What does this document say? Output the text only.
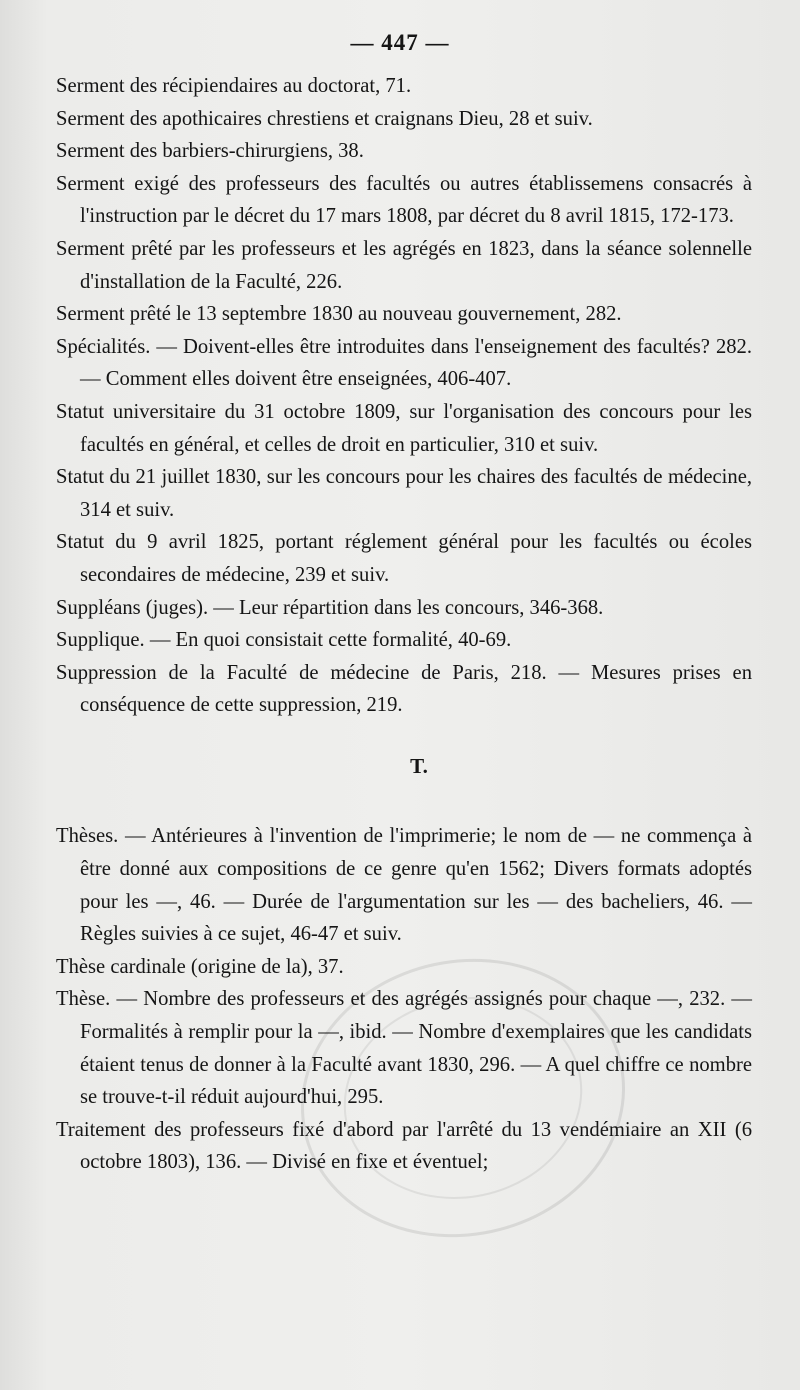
— 447 —

Serment des récipiendaires au doctorat, 71.

Serment des apothicaires chrestiens et craignans Dieu, 28 et suiv.

Serment des barbiers-chirurgiens, 38.

Serment exigé des professeurs des facultés ou autres établissemens consacrés à l'instruction par le décret du 17 mars 1808, par décret du 8 avril 1815, 172-173.

Serment prêté par les professeurs et les agrégés en 1823, dans la séance solennelle d'installation de la Faculté, 226.

Serment prêté le 13 septembre 1830 au nouveau gouvernement, 282.

Spécialités. — Doivent-elles être introduites dans l'enseignement des facultés? 282. — Comment elles doivent être enseignées, 406-407.

Statut universitaire du 31 octobre 1809, sur l'organisation des concours pour les facultés en général, et celles de droit en particulier, 310 et suiv.

Statut du 21 juillet 1830, sur les concours pour les chaires des facultés de médecine, 314 et suiv.

Statut du 9 avril 1825, portant réglement général pour les facultés ou écoles secondaires de médecine, 239 et suiv.

Suppléans (juges). — Leur répartition dans les concours, 346-368.

Supplique. — En quoi consistait cette formalité, 40-69.

Suppression de la Faculté de médecine de Paris, 218. — Mesures prises en conséquence de cette suppression, 219.

T.

Thèses. — Antérieures à l'invention de l'imprimerie; le nom de — ne commença à être donné aux compositions de ce genre qu'en 1562; Divers formats adoptés pour les —, 46. — Durée de l'argumentation sur les — des bacheliers, 46. — Règles suivies à ce sujet, 46-47 et suiv.

Thèse cardinale (origine de la), 37.

Thèse. — Nombre des professeurs et des agrégés assignés pour chaque —, 232. — Formalités à remplir pour la —, ibid. — Nombre d'exemplaires que les candidats étaient tenus de donner à la Faculté avant 1830, 296. — A quel chiffre ce nombre se trouve-t-il réduit aujourd'hui, 295.

Traitement des professeurs fixé d'abord par l'arrêté du 13 vendémiaire an XII (6 octobre 1803), 136. — Divisé en fixe et éventuel;
